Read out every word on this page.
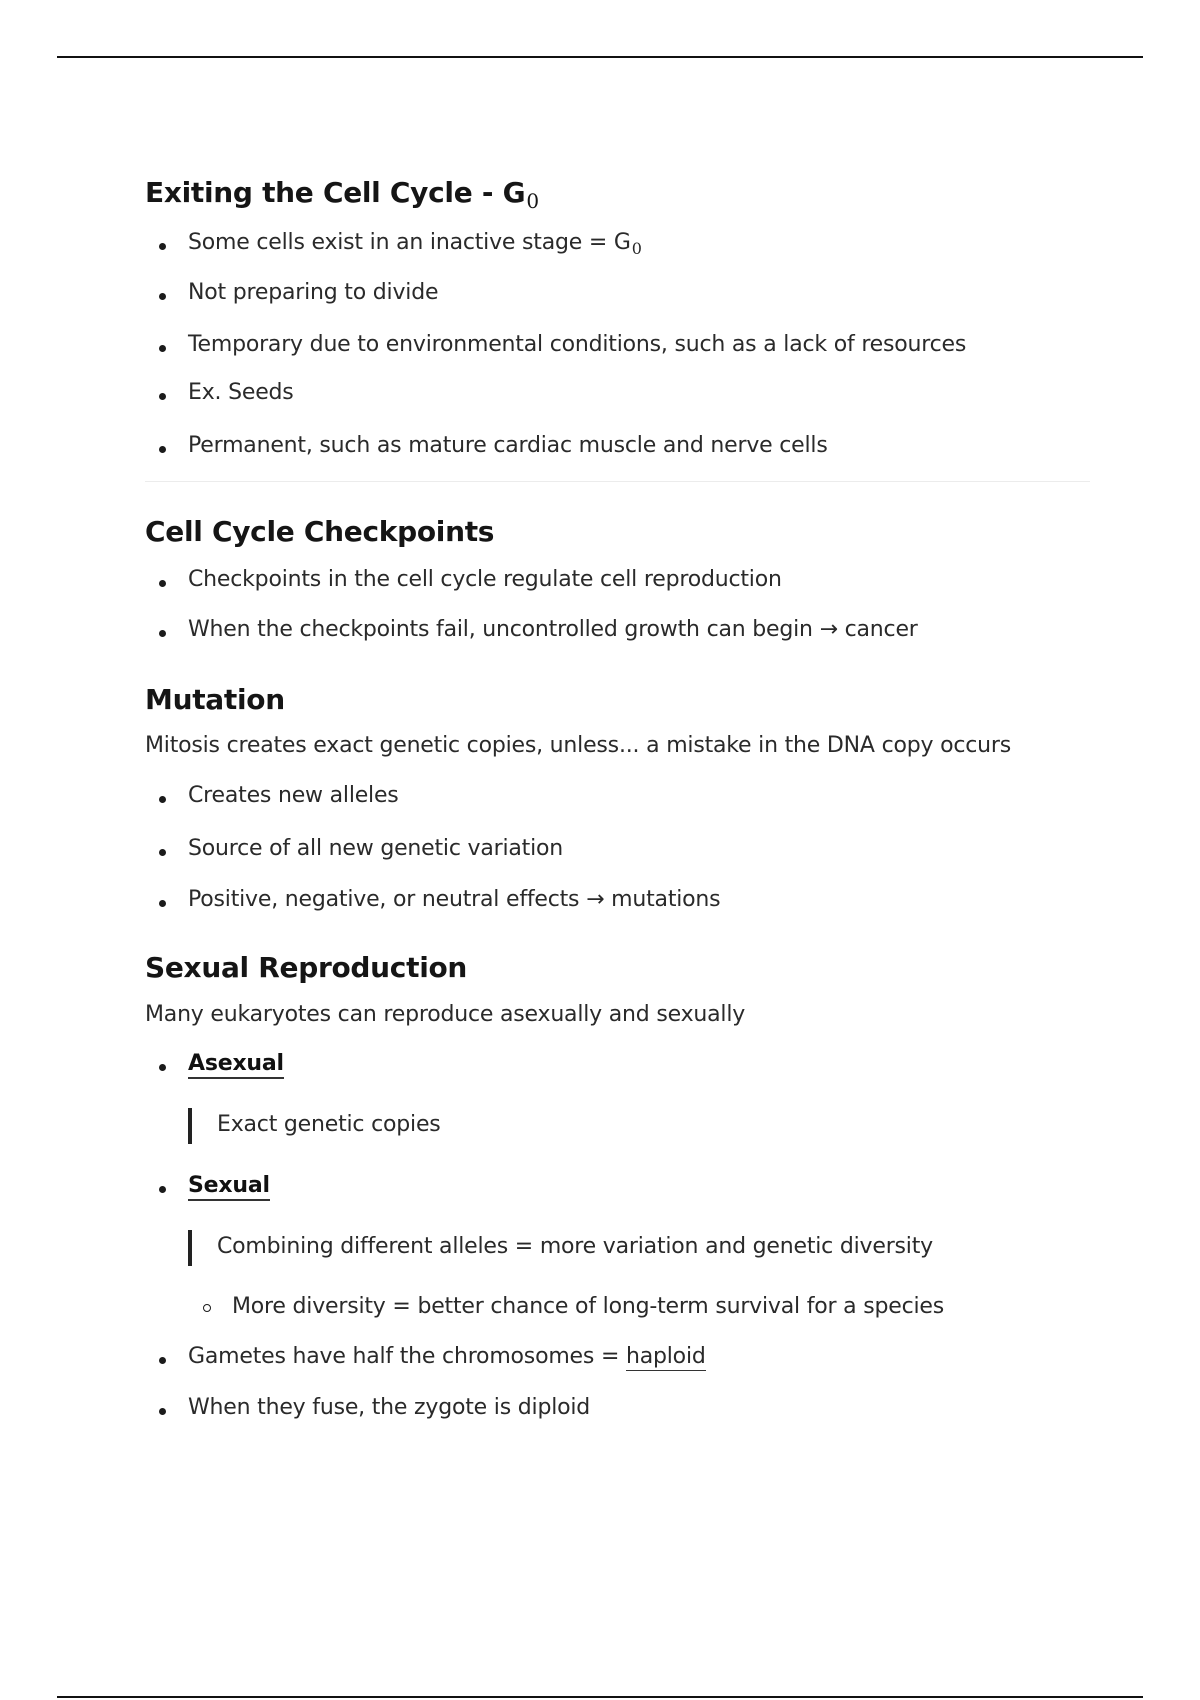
Exiting the Cell Cycle - $G_0$

Some cells exist in an inactive stage = $G_0$

Not preparing to divide

Temporary due to environmental conditions, such as a lack of resources

Ex. Seeds

Permanent, such as mature cardiac muscle and nerve cells

Cell Cycle Checkpoints

Checkpoints in the cell cycle regulate cell reproduction

When the checkpoints fail, uncontrolled growth can begin → cancer

Mutation

Mitosis creates exact genetic copies, unless... a mistake in the DNA copy occurs

Creates new alleles

Source of all new genetic variation

Positive, negative, or neutral effects → mutations

Sexual Reproduction

Many eukaryotes can reproduce asexually and sexually

Asexual

Exact genetic copies

Sexual

Combining different alleles = more variation and genetic diversity

More diversity = better chance of long-term survival for a species

Gametes have half the chromosomes = haploid

When they fuse, the zygote is diploid
